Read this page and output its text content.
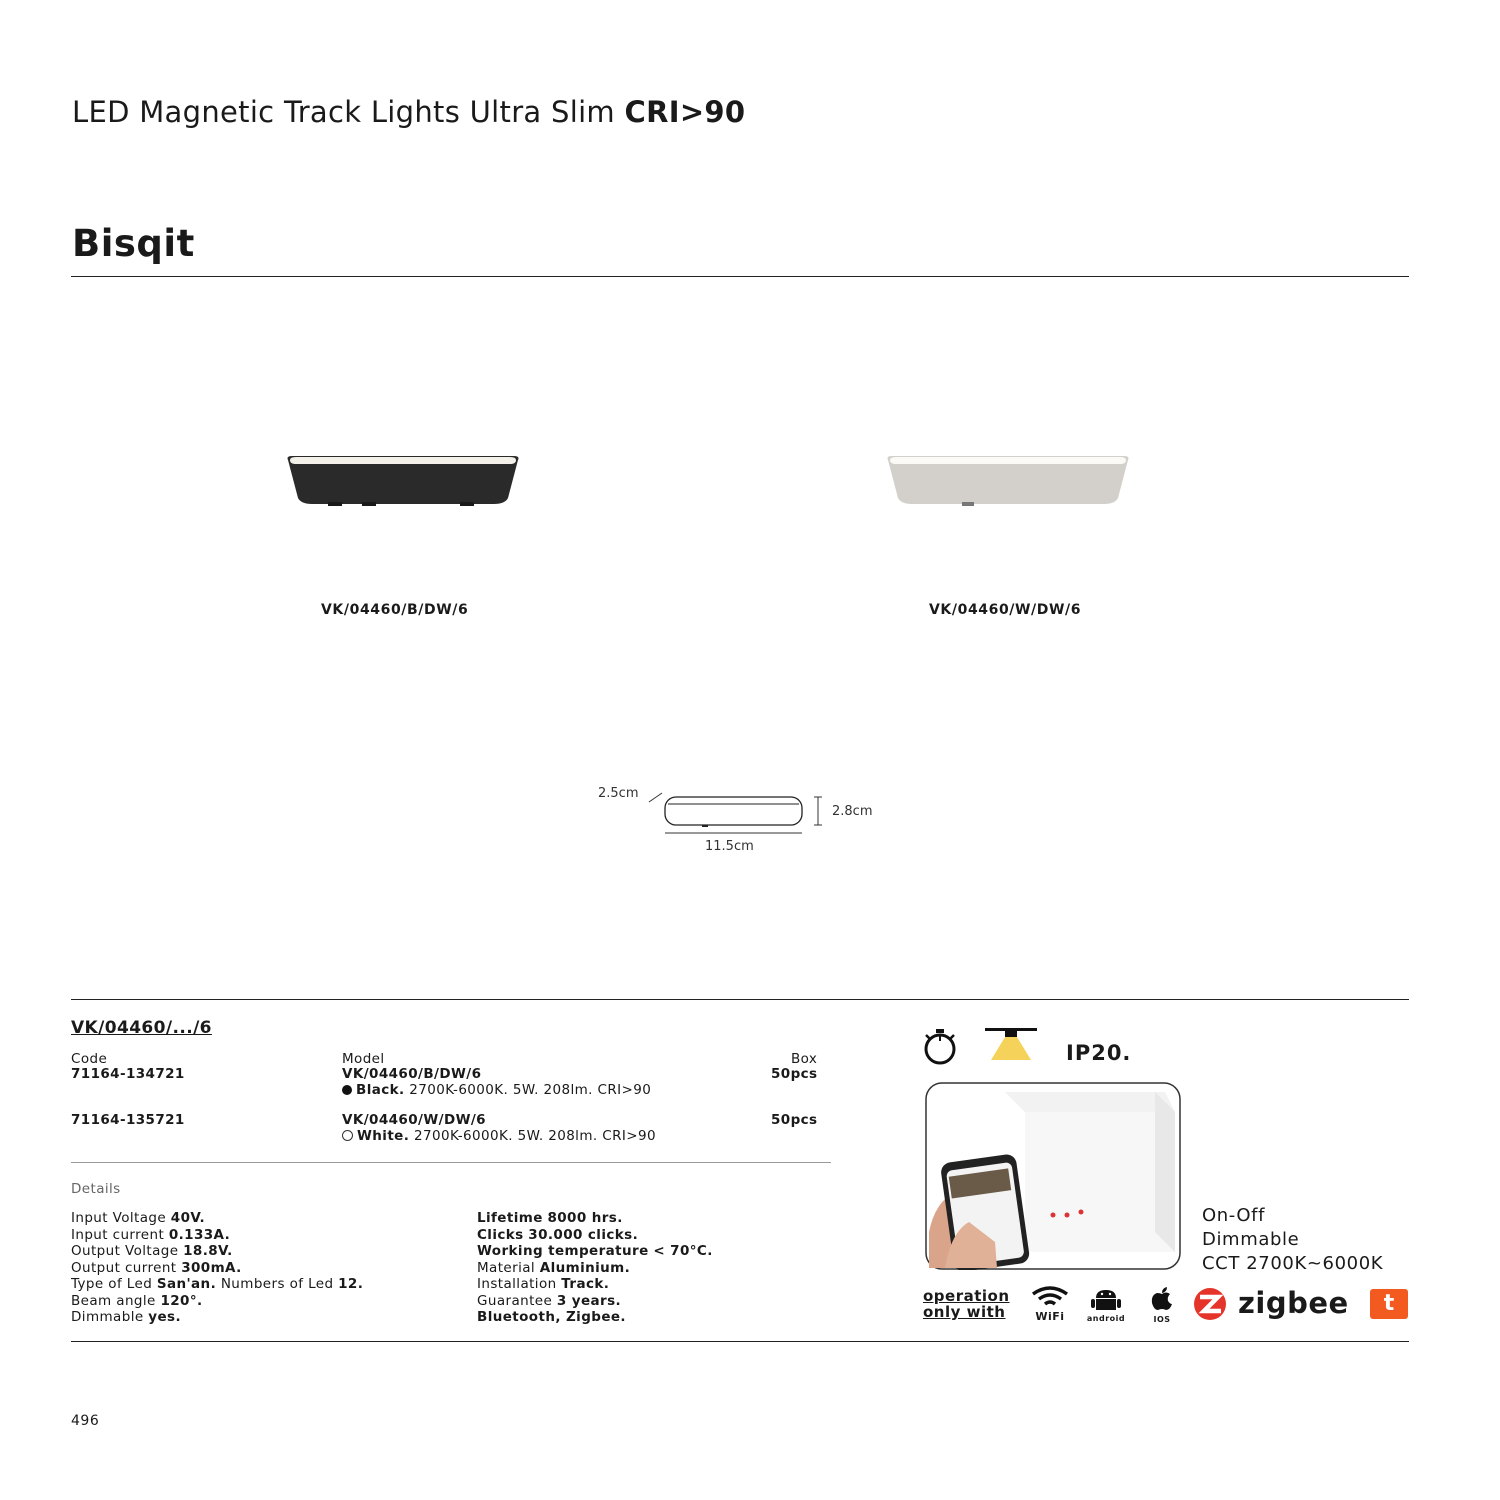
LED Magnetic Track Lights Ultra Slim CRI>90
Bisqit
VK/04460/B/DW/6	VK/04460/W/DW/6
2.5cm
2.8cm
11.5cm
VK/04460/.../6
Code	Model	Box
71164-134721	VK/04460/B/DW/6	50pcs
Black. 2700K-6000K. 5W. 208lm. CRI>90
71164-135721	VK/04460/W/DW/6	50pcs
White. 2700K-6000K. 5W. 208lm. CRI>90
Details
Input Voltage 40V.
Input current 0.133A.
Output Voltage 18.8V.
Output current 300mA.
Type of Led San'an. Numbers of Led 12.
Beam angle 120°.
Dimmable yes.
Lifetime 8000 hrs.
Clicks 30.000 clicks.
Working temperature < 70°C.
Material Aluminium.
Installation Track.
Guarantee 3 years.
Bluetooth, Zigbee.
IP20.
On-Off
Dimmable
CCT 2700K~6000K
operation
only with	WiFi	android	IOS zigbee	t
496
